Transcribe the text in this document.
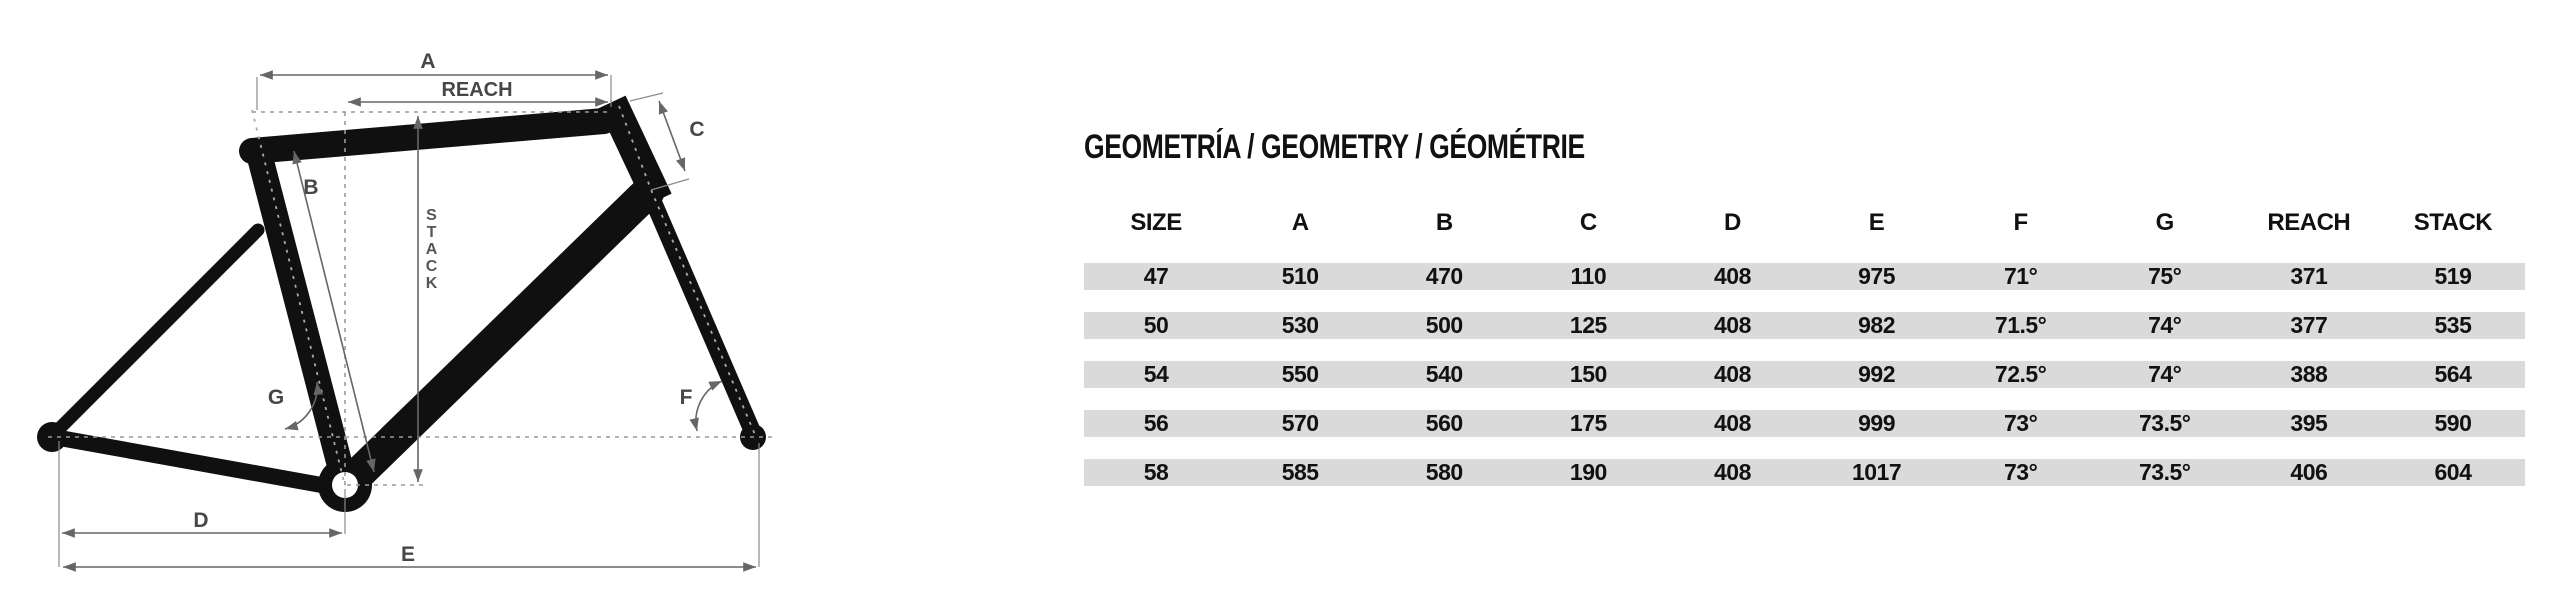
A
REACH
B
C
D
E
F
G
STACK
GEOMETRÍA / GEOMETRY / GÉOMÉTRIE
SIZE	A	B	C	D	E	F	G	REACH	STACK
47	510	470	110	408	975	71°	75°	371	519
50	530	500	125	408	982	71.5°	74°	377	535
54	550	540	150	408	992	72.5°	74°	388	564
56	570	560	175	408	999	73°	73.5°	395	590
58	585	580	190	408	1017	73°	73.5°	406	604
